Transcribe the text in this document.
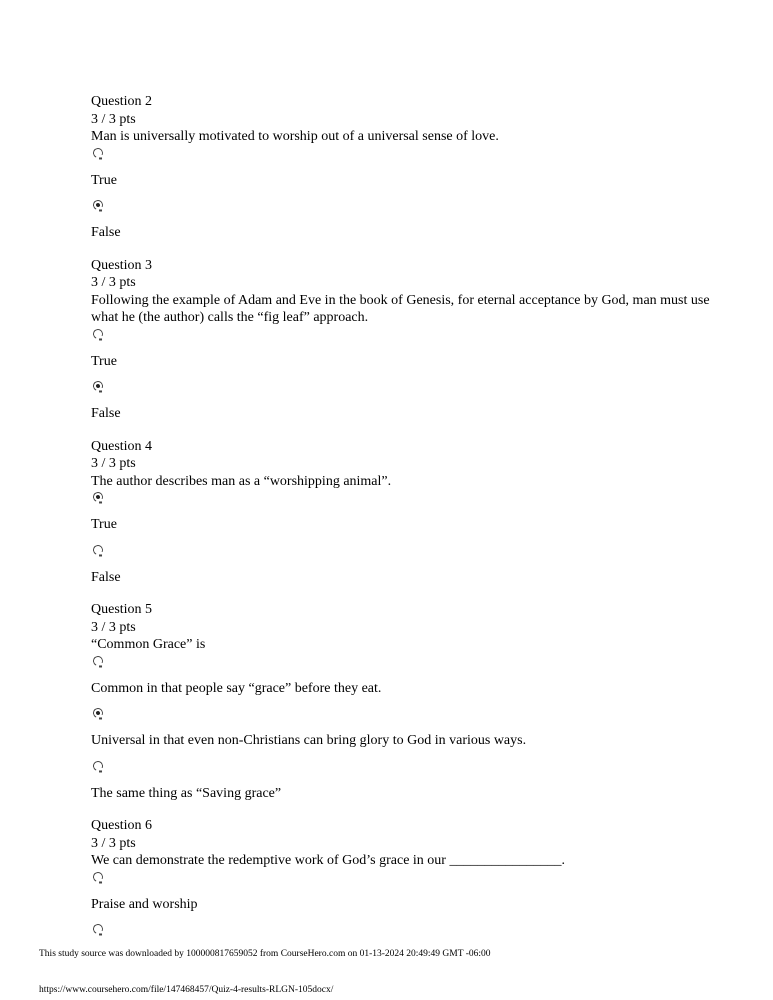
Question 2

3 / 3 pts

Man is universally motivated to worship out of a universal sense of love.

True

False

Question 3

3 / 3 pts

Following the example of Adam and Eve in the book of Genesis, for eternal acceptance by God, man must use what he (the author) calls the “fig leaf” approach.

True

False

Question 4

3 / 3 pts

The author describes man as a “worshipping animal”.

True

False

Question 5

3 / 3 pts

“Common Grace” is

Common in that people say “grace” before they eat.

Universal in that even non-Christians can bring glory to God in various ways.

The same thing as “Saving grace”

Question 6

3 / 3 pts

We can demonstrate the redemptive work of God’s grace in our ________________.

Praise and worship

This study source was downloaded by 100000817659052 from CourseHero.com on 01-13-2024 20:49:49 GMT -06:00
https://www.coursehero.com/file/147468457/Quiz-4-results-RLGN-105docx/
